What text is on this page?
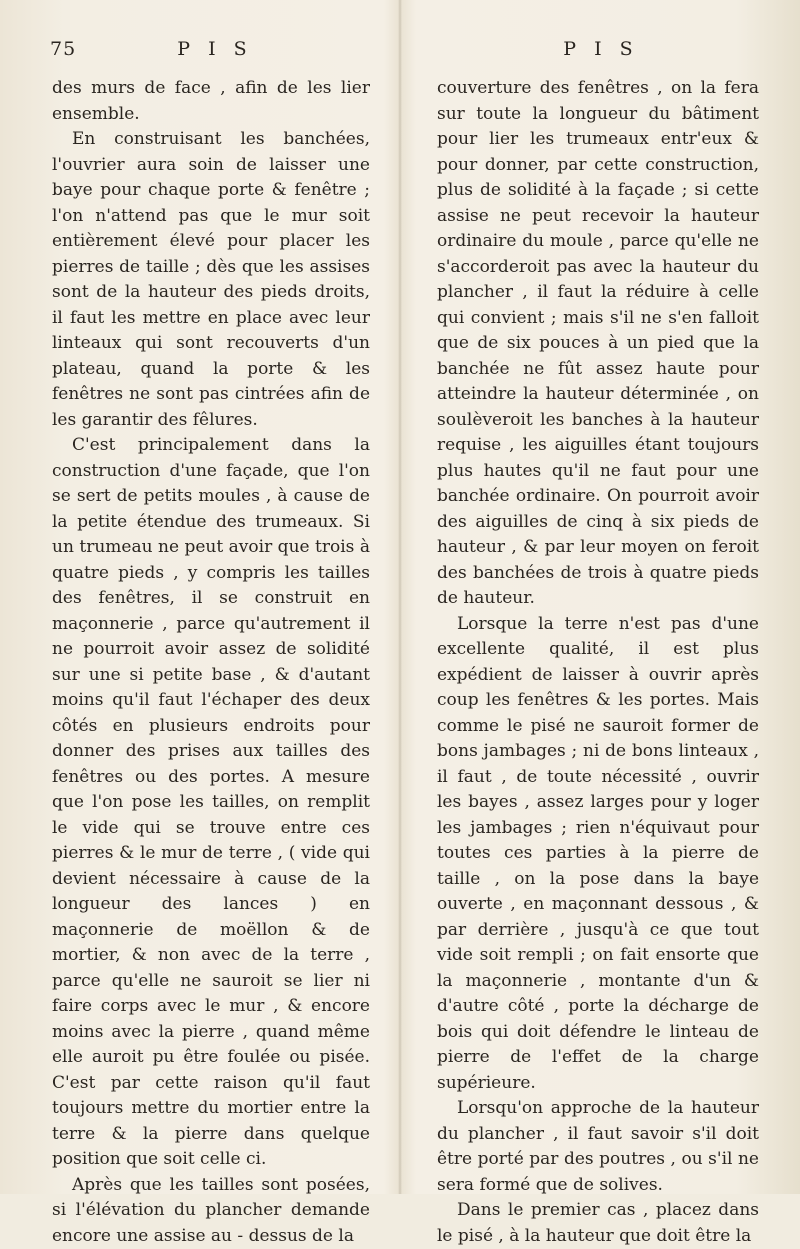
75	P I S	P I S

des murs de face , afin de les lier ensemble.

En construisant les banchées, l'ouvrier aura soin de laisser une baye pour chaque porte & fenêtre ; l'on n'attend pas que le mur soit entièrement élevé pour placer les pierres de taille ; dès que les assises sont de la hauteur des pieds droits, il faut les mettre en place avec leur linteaux qui sont recouverts d'un plateau, quand la porte & les fenêtres ne sont pas cintrées afin de les garantir des fêlures.

C'est principalement dans la construction d'une façade, que l'on se sert de petits moules , à cause de la petite étendue des trumeaux. Si un trumeau ne peut avoir que trois à quatre pieds , y compris les tailles des fenêtres, il se construit en maçonnerie , parce qu'autrement il ne pourroit avoir assez de solidité sur une si petite base , & d'autant moins qu'il faut l'échaper des deux côtés en plusieurs endroits pour donner des prises aux tailles des fenêtres ou des portes. A mesure que l'on pose les tailles, on remplit le vide qui se trouve entre ces pierres & le mur de terre , ( vide qui devient nécessaire à cause de la longueur des lances ) en maçonnerie de moëllon & de mortier, & non avec de la terre , parce qu'elle ne sauroit se lier ni faire corps avec le mur , & encore moins avec la pierre , quand même elle auroit pu être foulée ou pisée. C'est par cette raison qu'il faut toujours mettre du mortier entre la terre & la pierre dans quelque position que soit celle ci.

Après que les tailles sont posées, si l'élévation du plancher demande encore une assise au - dessus de la

couverture des fenêtres , on la fera sur toute la longueur du bâtiment pour lier les trumeaux entr'eux & pour donner, par cette construction, plus de solidité à la façade ; si cette assise ne peut recevoir la hauteur ordinaire du moule , parce qu'elle ne s'accorderoit pas avec la hauteur du plancher , il faut la réduire à celle qui convient ; mais s'il ne s'en falloit que de six pouces à un pied que la banchée ne fût assez haute pour atteindre la hauteur déterminée , on soulèveroit les banches à la hauteur requise , les aiguilles étant toujours plus hautes qu'il ne faut pour une banchée ordinaire. On pourroit avoir des aiguilles de cinq à six pieds de hauteur , & par leur moyen on feroit des banchées de trois à quatre pieds de hauteur.

Lorsque la terre n'est pas d'une excellente qualité, il est plus expédient de laisser à ouvrir après coup les fenêtres & les portes. Mais comme le pisé ne sauroit former de bons jambages ; ni de bons linteaux , il faut , de toute nécessité , ouvrir les bayes , assez larges pour y loger les jambages ; rien n'équivaut pour toutes ces parties à la pierre de taille , on la pose dans la baye ouverte , en maçonnant dessous , & par derrière , jusqu'à ce que tout vide soit rempli ; on fait ensorte que la maçonnerie , montante d'un & d'autre côté , porte la décharge de bois qui doit défendre le linteau de pierre de l'effet de la charge supérieure.

Lorsqu'on approche de la hauteur du plancher , il faut savoir s'il doit être porté par des poutres , ou s'il ne sera formé que de solives.

Dans le premier cas , placez dans le pisé , à la hauteur que doit être la
